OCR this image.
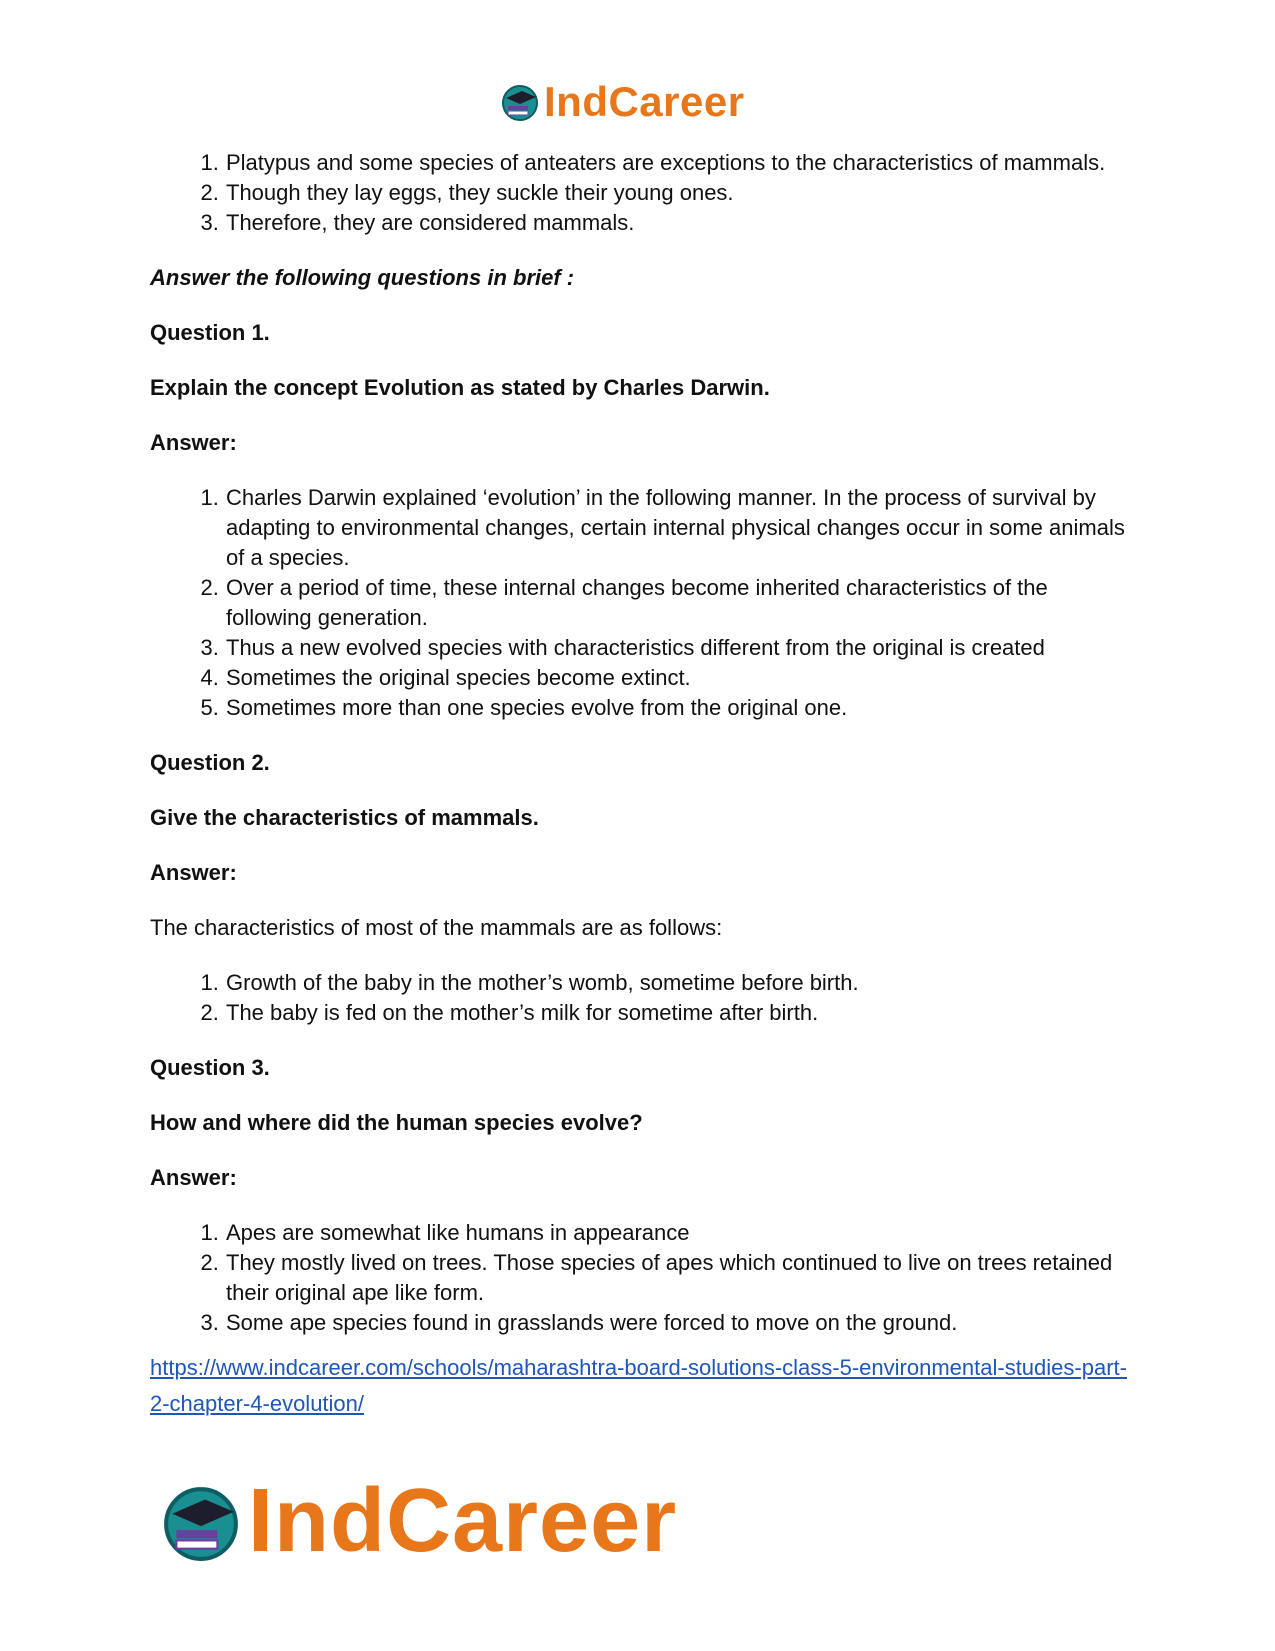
IndCareer
1. Platypus and some species of anteaters are exceptions to the characteristics of mammals.
2. Though they lay eggs, they suckle their young ones.
3. Therefore, they are considered mammals.

Answer the following questions in brief :

Question 1.

Explain the concept Evolution as stated by Charles Darwin.

Answer:

1. Charles Darwin explained ‘evolution’ in the following manner. In the process of survival by adapting to environmental changes, certain internal physical changes occur in some animals of a species.
2. Over a period of time, these internal changes become inherited characteristics of the following generation.
3. Thus a new evolved species with characteristics different from the original is created
4. Sometimes the original species become extinct.
5. Sometimes more than one species evolve from the original one.

Question 2.

Give the characteristics of mammals.

Answer:

The characteristics of most of the mammals are as follows:

1. Growth of the baby in the mother’s womb, sometime before birth.
2. The baby is fed on the mother’s milk for sometime after birth.

Question 3.

How and where did the human species evolve?

Answer:

1. Apes are somewhat like humans in appearance
2. They mostly lived on trees. Those species of apes which continued to live on trees retained their original ape like form.
3. Some ape species found in grasslands were forced to move on the ground.
https://www.indcareer.com/schools/maharashtra-board-solutions-class-5-environmental-studies-part-2-chapter-4-evolution/
IndCareer
